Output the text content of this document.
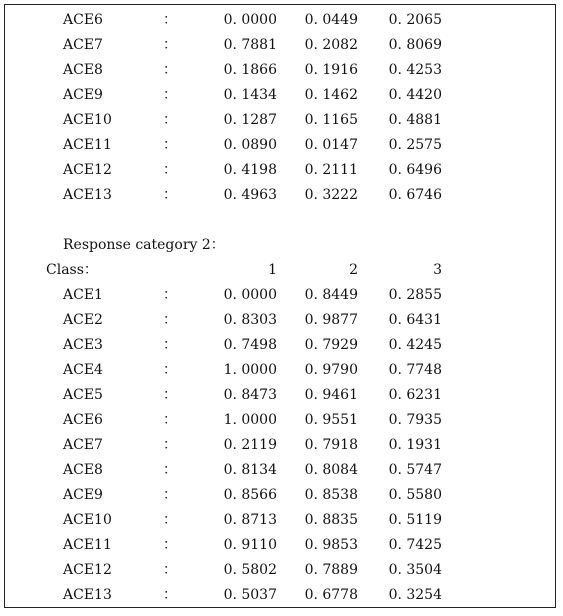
ACE6	：	0. 0000 0. 0449 0. 2065
ACE7	：	0. 7881 0. 2082 0. 8069
ACE8	：	0. 1866 0. 1916 0. 4253
ACE9	：	0. 1434 0. 1462 0. 4420
ACE10	：	0. 1287 0. 1165 0. 4881
ACE11	：	0. 0890 0. 0147 0. 2575
ACE12	：	0. 4198 0. 2111 0. 6496
ACE13	：	0. 4963 0. 3222 0. 6746
Response category 2：
Class：	1	2	3
ACE1	：	0. 0000 0. 8449 0. 2855
ACE2	：	0. 8303 0. 9877 0. 6431
ACE3	：	0. 7498 0. 7929 0. 4245
ACE4	：	1. 0000 0. 9790 0. 7748
ACE5	：	0. 8473 0. 9461 0. 6231
ACE6	：	1. 0000 0. 9551 0. 7935
ACE7	：	0. 2119 0. 7918 0. 1931
ACE8	：	0. 8134 0. 8084 0. 5747
ACE9	：	0. 8566 0. 8538 0. 5580
ACE10	：	0. 8713 0. 8835 0. 5119
ACE11	：	0. 9110 0. 9853 0. 7425
ACE12	：	0. 5802 0. 7889 0. 3504
ACE13	：	0. 5037 0. 6778 0. 3254
